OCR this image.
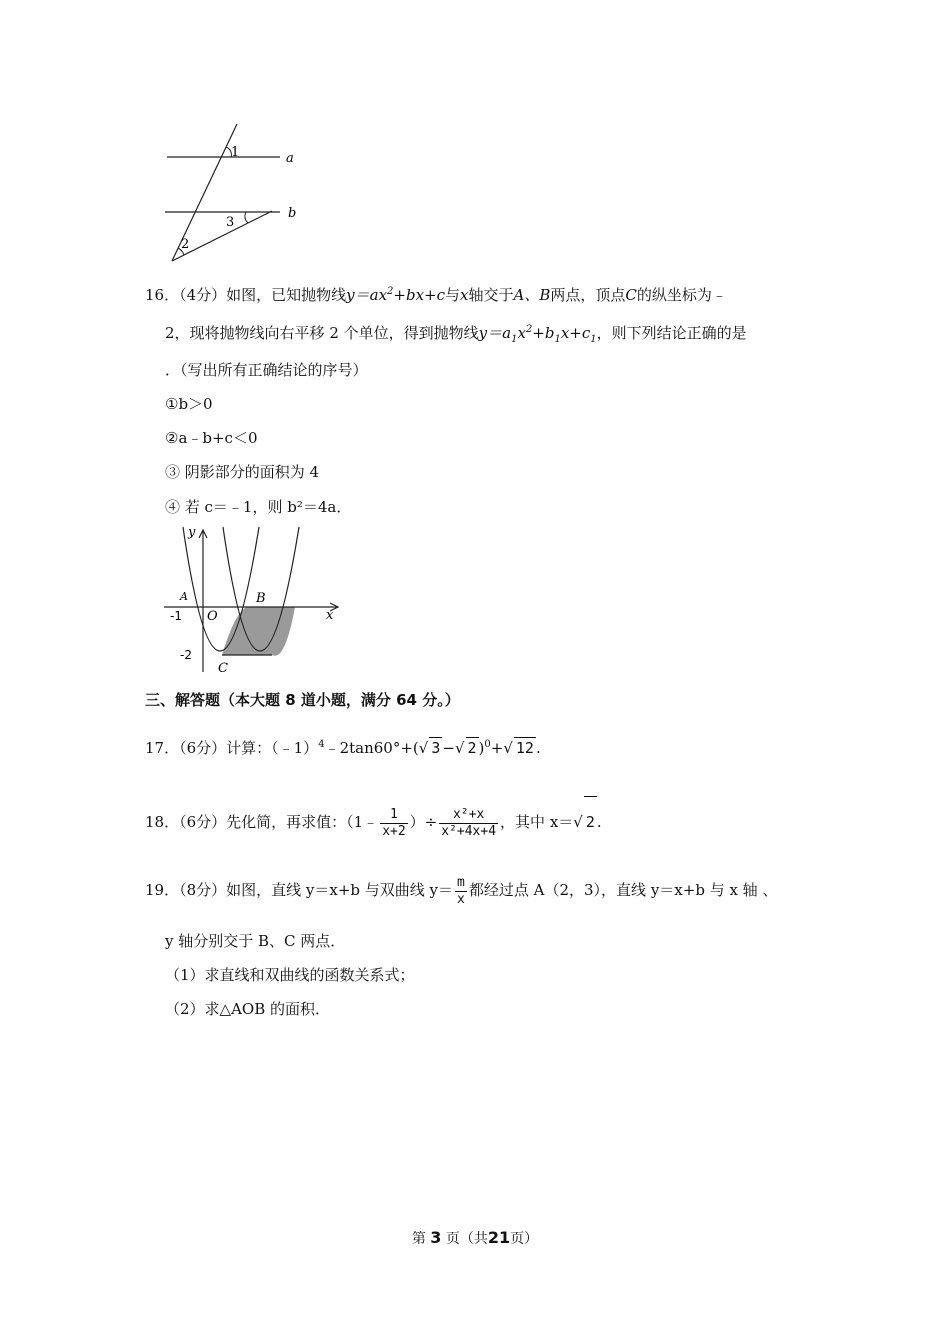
1
2
3
a
b
16．（4分）如图，已知抛物线$y=ax^2+bx+c$与x轴交于A、B两点，顶点C的纵坐标为﹣
2，现将抛物线向右平移 2 个单位，得到抛物线$y=a_1x^2+b_1x+c_1$，则下列结论正确的是
．（写出所有正确结论的序号）
①b＞0
②a﹣b+c＜0
③ 阴影部分的面积为 4
④ 若 c＝﹣1，则 b²＝4a．
y
x
O
B
C
A
-1
-2
三、解答题（本大题 8 道小题，满分 64 分。）
17．（6分）计算：（﹣1）$^4$﹣2tan60°+(√ 3 −√ 2 )$^0$+√ 12 .
18．（6分）先化简，再求值：（1﹣ $\frac{1}{x+2}$ ）÷ $\frac{\text{x²+x}}{\text{x²+4x+4}}$ ，其中 x＝√ 2 .
19．（8分）如图，直线 y＝x+b 与双曲线 $y= \frac{m}{x}$ 都经过点 A（2，3），直线 y＝x+b 与 x 轴 、
y 轴分别交于 B、C 两点．
（1）求直线和双曲线的函数关系式；
（2）求△AOB 的面积．
第 3 页（共21页）
